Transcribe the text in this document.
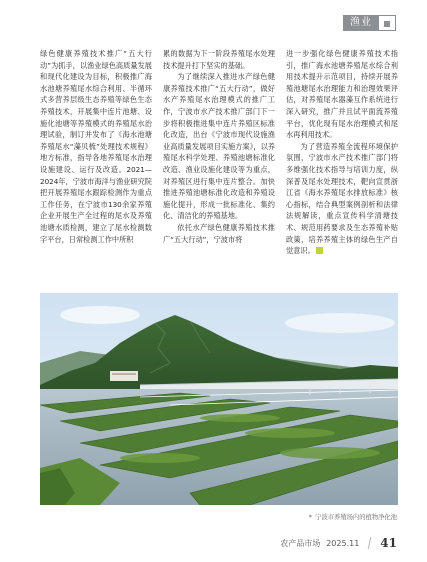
渔业

绿色健康养殖技术推广“五大行动”为抓手，以渔业绿色高质量发展和现代化建设为目标，积极推广海水池塘养殖尾水综合利用、半循环式多营养层级生态养殖等绿色生态养殖技术，开展集中连片池塘、设施化池塘等养殖模式的养殖尾水治理试验，制订并发布了《海水池塘养殖尾水“藻贝梳”处理技术规程》地方标准，指导各地养殖尾水治理设施建设、运行及改造。2021—2024年，宁波市海洋与渔业研究院把开展养殖尾水跟踪检测作为重点工作任务，在宁波市130余家养殖企业开展生产全过程的尾水及养殖池塘水质检测，建立了尾水检测数字平台，日常检测工作中所积

累的数据为下一阶段养殖尾水处理技术提升打下坚实的基础。

为了继续深入推进水产绿色健康养殖技术推广“五大行动”，做好水产养殖尾水治理模式的推广工作，宁波市水产技术推广部门下一步将积极推进集中连片养殖区标准化改造，出台《宁波市现代设施渔业高质量发展项目实施方案》，以养殖尾水科学处理、养殖池塘标准化改造、渔业设施化建设等为重点，对养殖区进行集中连片整合。加快推进养殖池塘标准化改造和养殖设施化提升，形成一批标准化、集约化、清洁化的养殖基地。

依托水产绿色健康养殖技术推广“五大行动”，宁波市将

进一步强化绿色健康养殖技术指引，推广海水池塘养殖尾水综合利用技术提升示范项目，持续开展养殖池塘尾水治理能力和治理效果评估，对养殖尾水器藻互作系统进行深入研究，推广并且试平面流养殖平台，优化现有尾水治理模式和尾水再利用技术。

为了营造养殖全流程环境保护氛围，宁波市水产技术推广部门将多维强化技术指导与培训力度，纵深普及尾水处理技术，靶向宣贯浙江省《海水养殖尾水排放标准》核心指标，结合典型案例剖析和法律法规解读，重点宣传科学清塘技术、规范用药要求及生态养殖补贴政策，培养养殖主体的绿色生产自觉意识。

» 宁波市养殖场内的植物净化池
农产品市场 2025.11 41
